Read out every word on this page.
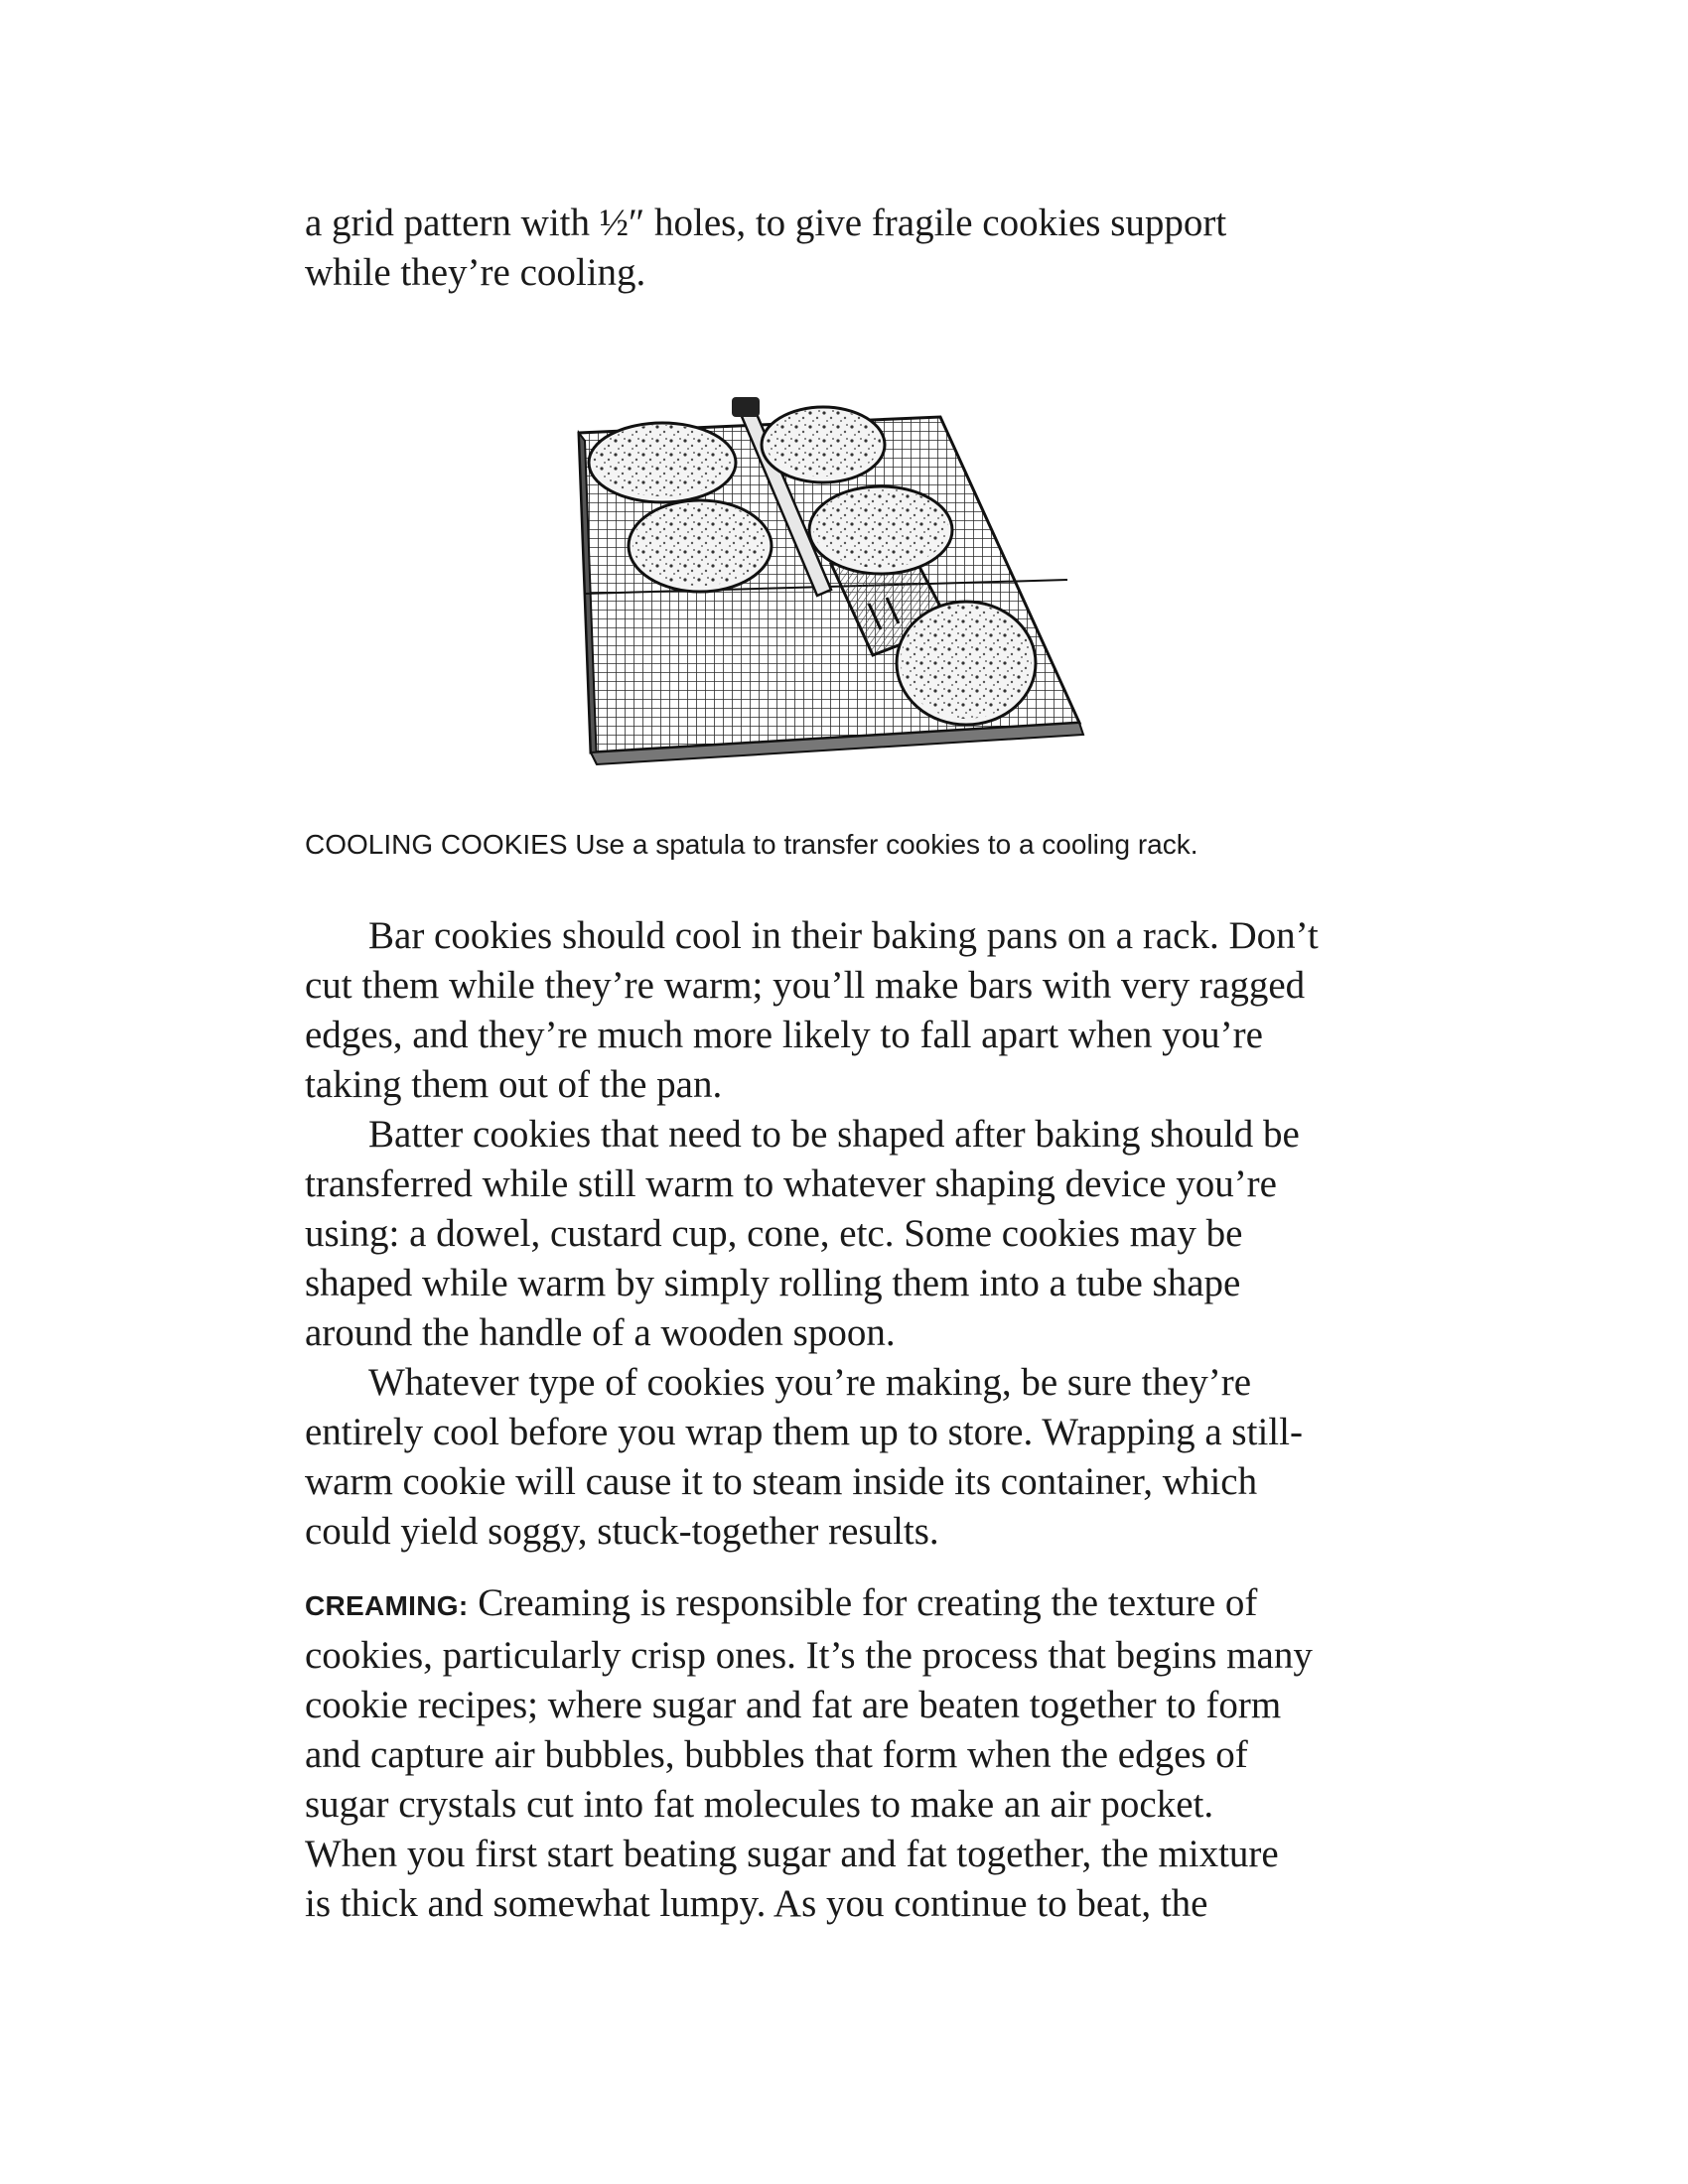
a grid pattern with ½″ holes, to give fragile cookies support
while they’re cooling.
COOLING COOKIES Use a spatula to transfer cookies to a cooling rack.
Bar cookies should cool in their baking pans on a rack. Don’t
cut them while they’re warm; you’ll make bars with very ragged
edges, and they’re much more likely to fall apart when you’re
taking them out of the pan.
Batter cookies that need to be shaped after baking should be
transferred while still warm to whatever shaping device you’re
using: a dowel, custard cup, cone, etc. Some cookies may be
shaped while warm by simply rolling them into a tube shape
around the handle of a wooden spoon.
Whatever type of cookies you’re making, be sure they’re
entirely cool before you wrap them up to store. Wrapping a still-
warm cookie will cause it to steam inside its container, which
could yield soggy, stuck-together results.
CREAMING: Creaming is responsible for creating the texture of
cookies, particularly crisp ones. It’s the process that begins many
cookie recipes; where sugar and fat are beaten together to form
and capture air bubbles, bubbles that form when the edges of
sugar crystals cut into fat molecules to make an air pocket.
When you first start beating sugar and fat together, the mixture
is thick and somewhat lumpy. As you continue to beat, the
